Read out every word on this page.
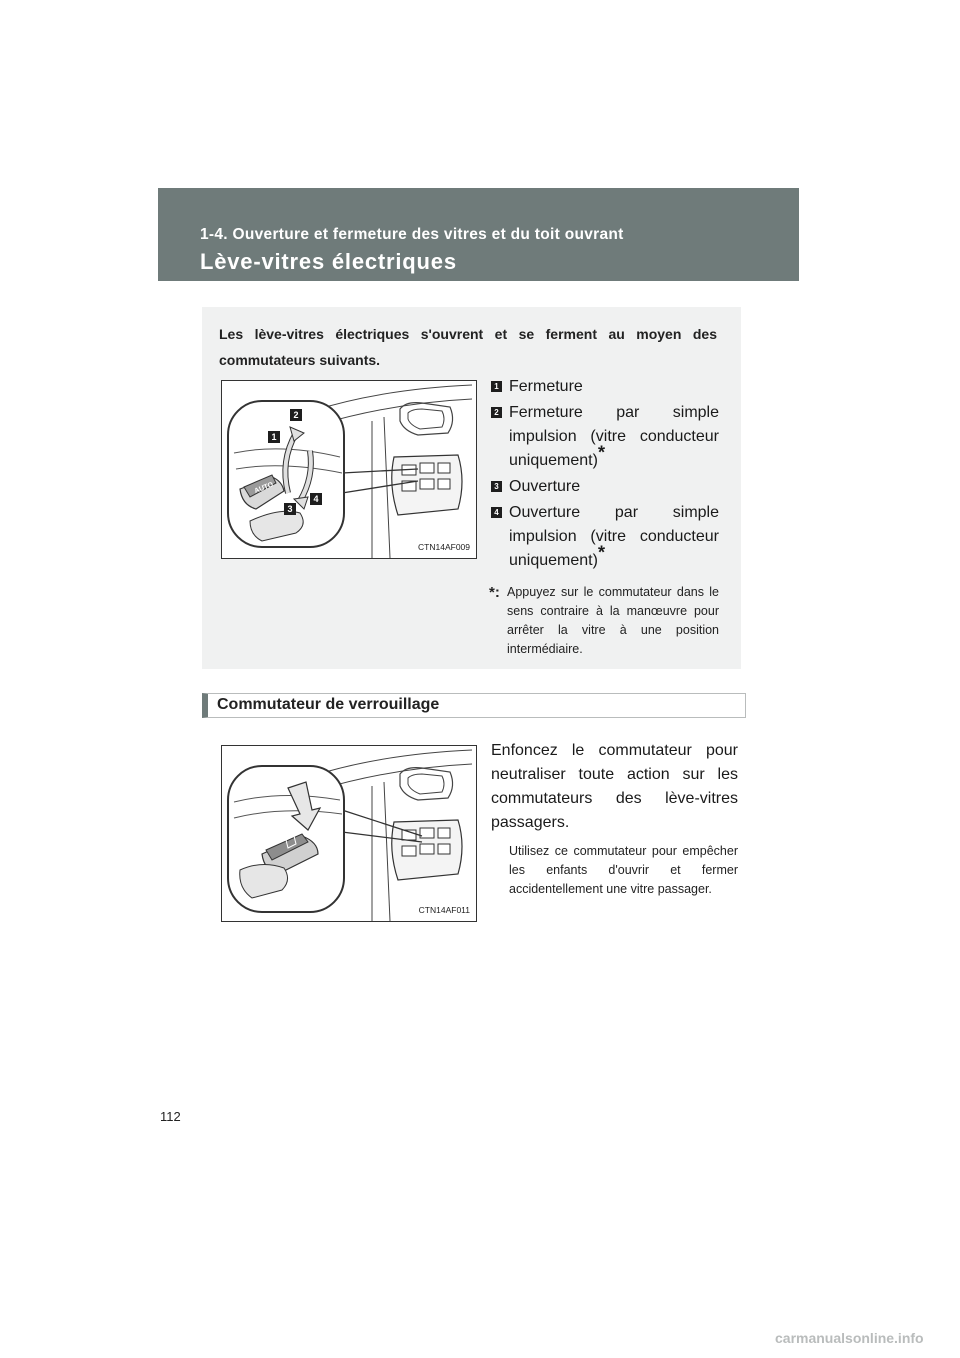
1-4. Ouverture et fermeture des vitres et du toit ouvrant
Lève-vitres électriques
Les lève-vitres électriques s'ouvrent et se ferment au moyen des commutateurs suivants.
AUTO
1
2
3
4
CTN14AF009
1 Fermeture
2 Fermeture par simple impulsion (vitre conducteur uniquement)*
3 Ouverture
4 Ouverture par simple impulsion (vitre conducteur uniquement)*
*: Appuyez sur le commutateur dans le sens contraire à la manœuvre pour arrêter la vitre à une position intermédiaire.
Commutateur de verrouillage
CTN14AF011
Enfoncez le commutateur pour neutraliser toute action sur les commutateurs des lève-vitres passagers.
Utilisez ce commutateur pour empêcher les enfants d'ouvrir et fermer accidentellement une vitre passager.
112
carmanualsonline.info
